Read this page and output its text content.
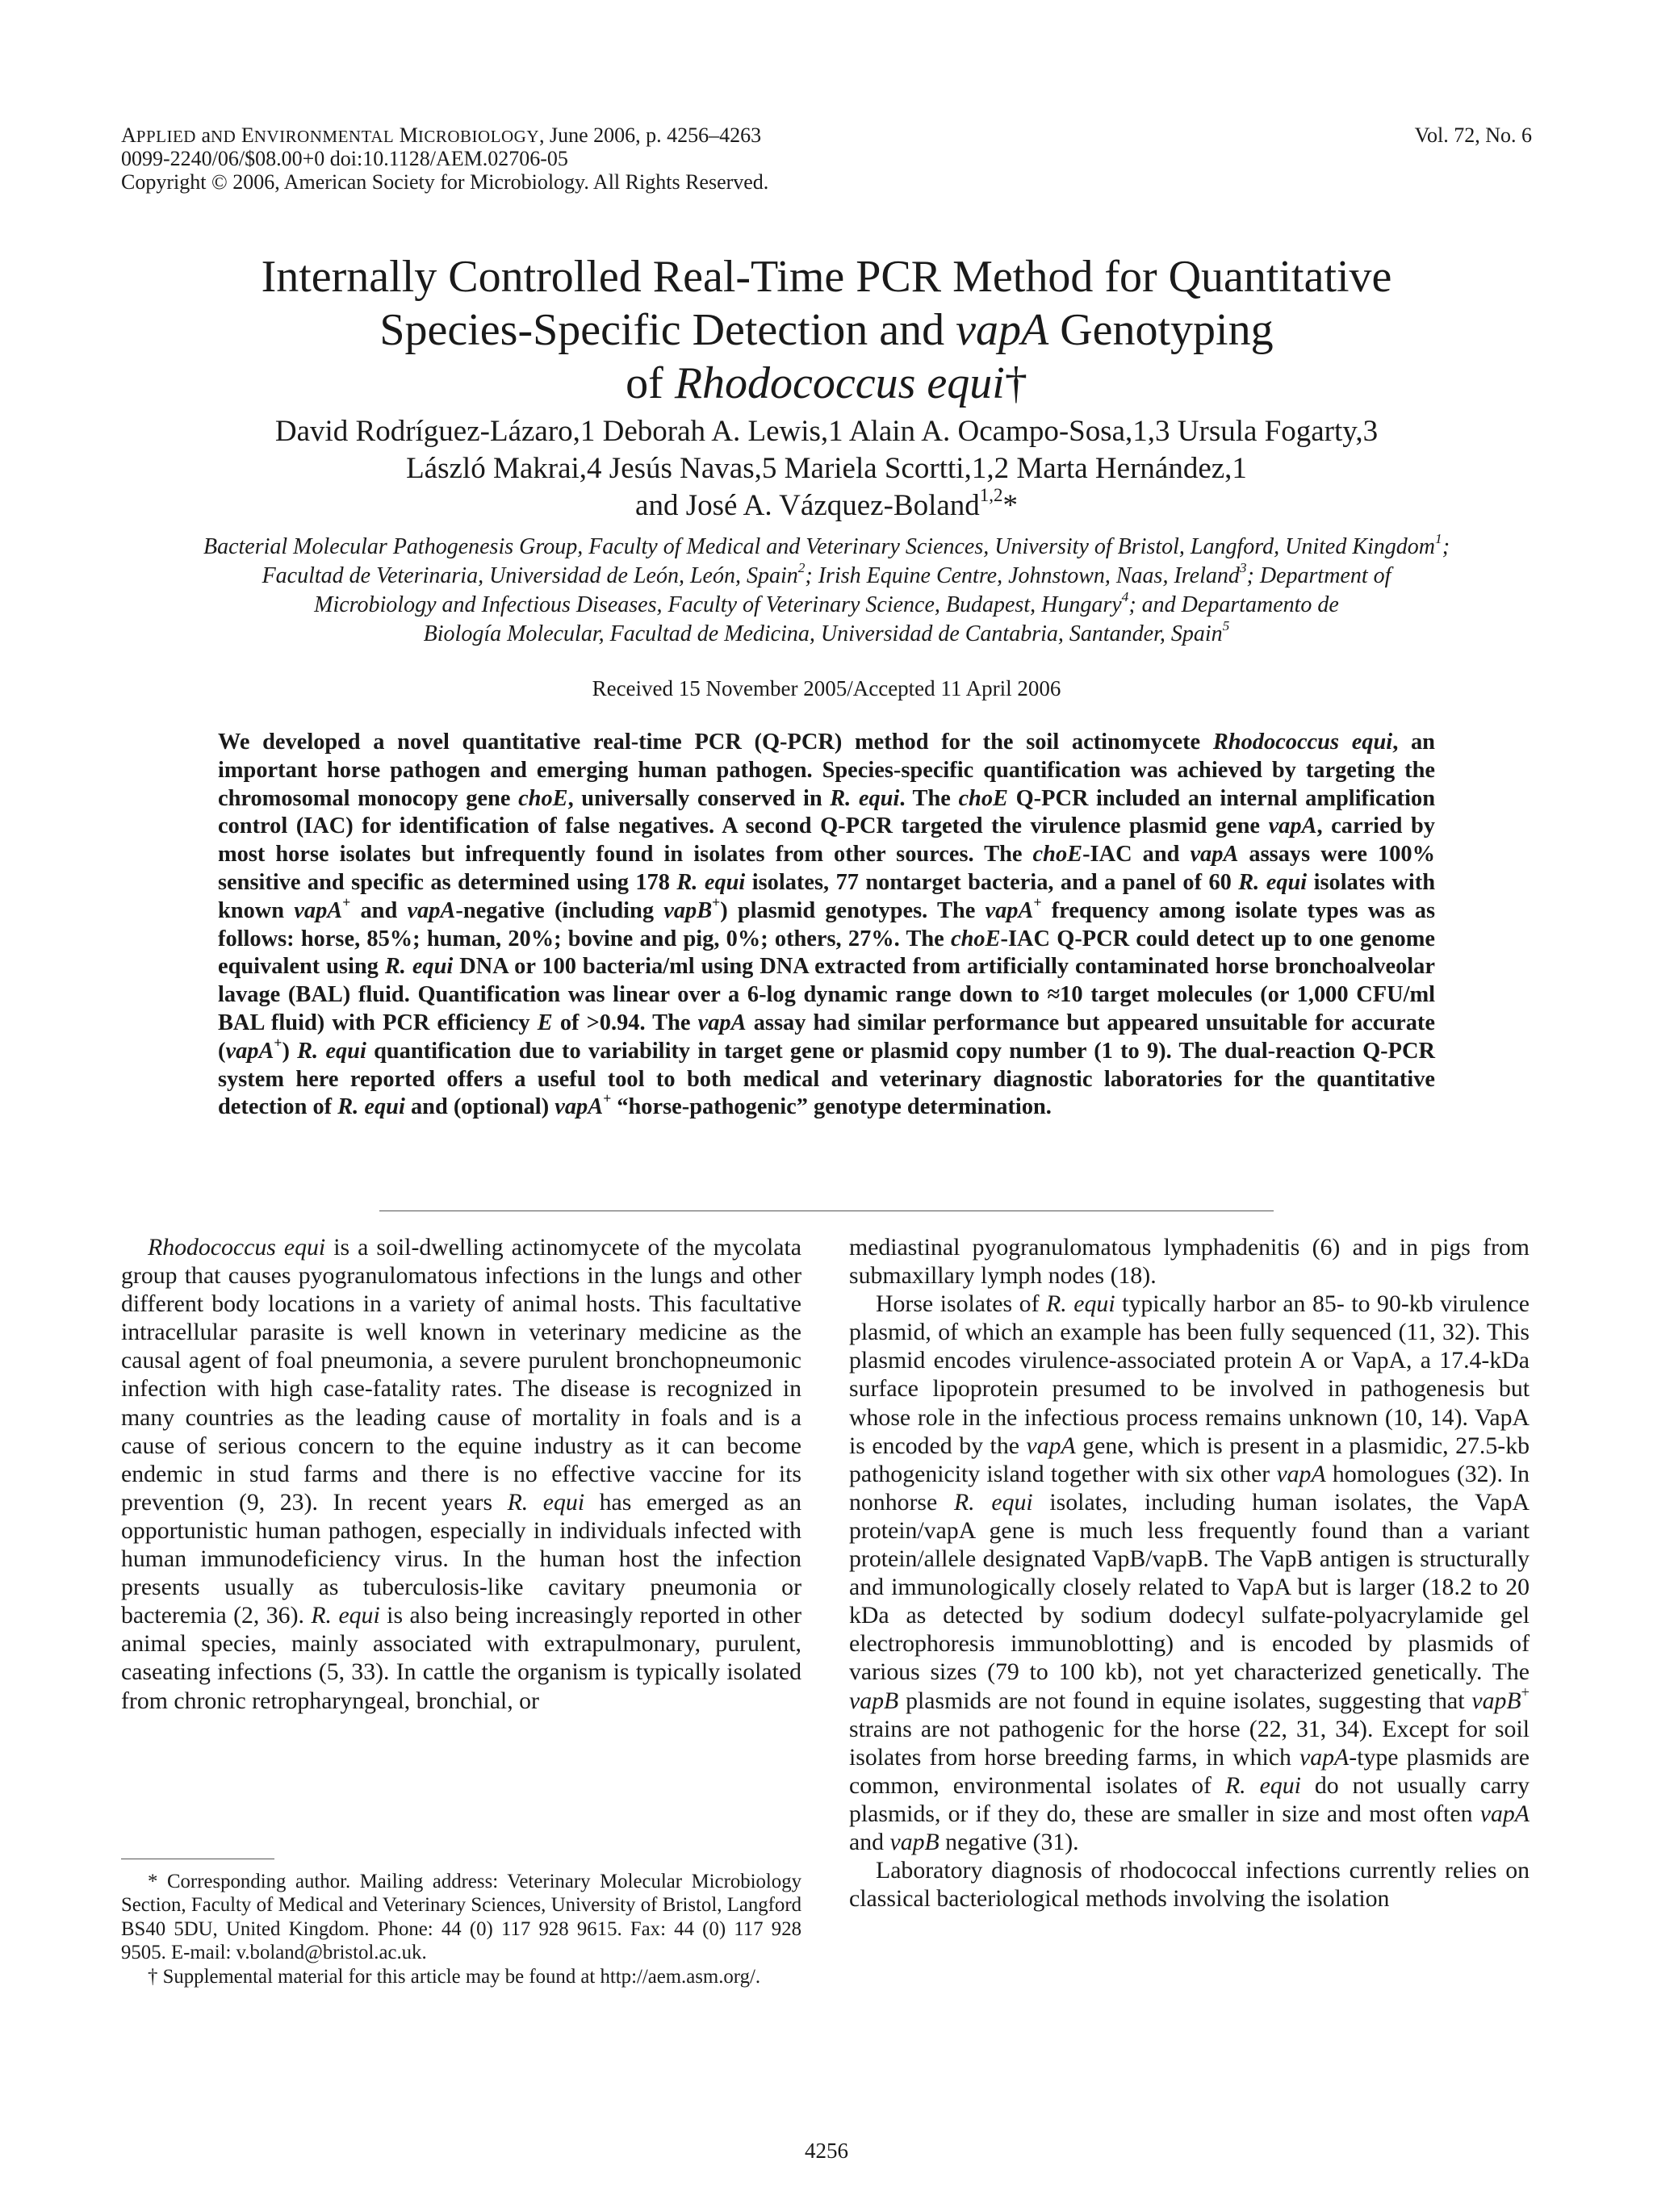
APPLIED aND ENVIRONMENTAL MICROBIOLOGY, June 2006, p. 4256–4263
0099-2240/06/$08.00+0 doi:10.1128/AEM.02706-05
Copyright © 2006, American Society for Microbiology. All Rights Reserved.
Vol. 72, No. 6
Internally Controlled Real-Time PCR Method for Quantitative
Species-Specific Detection and vapA Genotyping
of Rhodococcus equi†
David Rodríguez-Lázaro,1 Deborah A. Lewis,1 Alain A. Ocampo-Sosa,1,3 Ursula Fogarty,3
László Makrai,4 Jesús Navas,5 Mariela Scortti,1,2 Marta Hernández,1
and José A. Vázquez-Boland$^{1,2}$*
Bacterial Molecular Pathogenesis Group, Faculty of Medical and Veterinary Sciences, University of Bristol, Langford, United Kingdom$^1$;
Facultad de Veterinaria, Universidad de León, León, Spain$^2$; Irish Equine Centre, Johnstown, Naas, Ireland$^3$; Department of
Microbiology and Infectious Diseases, Faculty of Veterinary Science, Budapest, Hungary$^4$; and Departamento de
Biología Molecular, Facultad de Medicina, Universidad de Cantabria, Santander, Spain$^5$
Received 15 November 2005/Accepted 11 April 2006
We developed a novel quantitative real-time PCR (Q-PCR) method for the soil actinomycete Rhodococcus equi, an
important horse pathogen and emerging human pathogen. Species-specific quantification was achieved by targeting the
chromosomal monocopy gene choE, universally conserved in R. equi. The choE Q-PCR included an internal amplification
control (IAC) for identification of false negatives. A second Q-PCR targeted the virulence plasmid gene vapA, carried by
most horse isolates but infrequently found in isolates from other sources. The choE-IAC and vapA assays were 100%
sensitive and specific as determined using 178 R. equi isolates, 77 nontarget bacteria, and a panel of 60 R. equi isolates with
known vapA+ and vapA-negative (including vapB+) plasmid genotypes. The vapA+ frequency among isolate types was as
follows: horse, 85%; human, 20%; bovine and pig, 0%; others, 27%. The choE-IAC Q-PCR could detect up to one genome
equivalent using R. equi DNA or 100 bacteria/ml using DNA extracted from artificially contaminated horse bronchoalveolar
lavage (BAL) fluid. Quantification was linear over a 6-log dynamic range down to ≈10 target molecules (or 1,000 CFU/ml
BAL fluid) with PCR efficiency E of >0.94. The vapA assay had similar performance but appeared unsuitable for accurate
(vapA+) R. equi quantification due to variability in target gene or plasmid copy number (1 to 9). The dual-reaction Q-PCR
system here reported offers a useful tool to both medical and veterinary diagnostic laboratories for the quantitative
detection of R. equi and (optional) vapA+ “horse-pathogenic” genotype determination.
Rhodococcus equi is a soil-dwelling actinomycete of the mycolata
group that causes pyogranulomatous infections in the lungs and other
different body locations in a variety of animal hosts. This facultative
intracellular parasite is well known in veterinary medicine as the
causal agent of foal pneumonia, a severe purulent bronchopneumonic
infection with high case-fatality rates. The disease is recognized in
many countries as the leading cause of mortality in foals and is a
cause of serious concern to the equine industry as it can become
endemic in stud farms and there is no effective vaccine for its
prevention (9, 23). In recent years R. equi has emerged as an
opportunistic human pathogen, especially in individuals infected with
human immunodeficiency virus. In the human host the infection
presents usually as tuberculosis-like cavitary pneumonia or
bacteremia (2, 36). R. equi is also being increasingly reported in other
animal species, mainly associated with extrapulmonary, purulent,
caseating infections (5, 33). In cattle the organism is typically isolated
from chronic retropharyngeal, bronchial, or
mediastinal pyogranulomatous lymphadenitis (6) and in pigs from
submaxillary lymph nodes (18).
Horse isolates of R. equi typically harbor an 85- to 90-kb virulence
plasmid, of which an example has been fully sequenced (11, 32). This
plasmid encodes virulence-associated protein A or VapA, a 17.4-kDa
surface lipoprotein presumed to be involved in pathogenesis but
whose role in the infectious process remains unknown (10, 14). VapA
is encoded by the vapA gene, which is present in a plasmidic, 27.5-kb
pathogenicity island together with six other vapA homologues (32). In
nonhorse R. equi isolates, including human isolates, the VapA
protein/vapA gene is much less frequently found than a variant
protein/allele designated VapB/vapB. The VapB antigen is structurally
and immunologically closely related to VapA but is larger (18.2 to 20
kDa as detected by sodium dodecyl sulfate-polyacrylamide gel
electrophoresis immunoblotting) and is encoded by plasmids of
various sizes (79 to 100 kb), not yet characterized genetically. The
vapB plasmids are not found in equine isolates, suggesting that vapB+
strains are not pathogenic for the horse (22, 31, 34). Except for soil
isolates from horse breeding farms, in which vapA-type plasmids are
common, environmental isolates of R. equi do not usually carry
plasmids, or if they do, these are smaller in size and most often vapA
and vapB negative (31).
Laboratory diagnosis of rhodococcal infections currently relies on
classical bacteriological methods involving the isolation
* Corresponding author. Mailing address: Veterinary Molecular Microbiology
Section, Faculty of Medical and Veterinary Sciences, University of Bristol, Langford
BS40 5DU, United Kingdom. Phone: 44 (0) 117 928 9615. Fax: 44 (0) 117 928
9505. E-mail: v.boland@bristol.ac.uk.
† Supplemental material for this article may be found at http://aem.asm.org/.
4256
